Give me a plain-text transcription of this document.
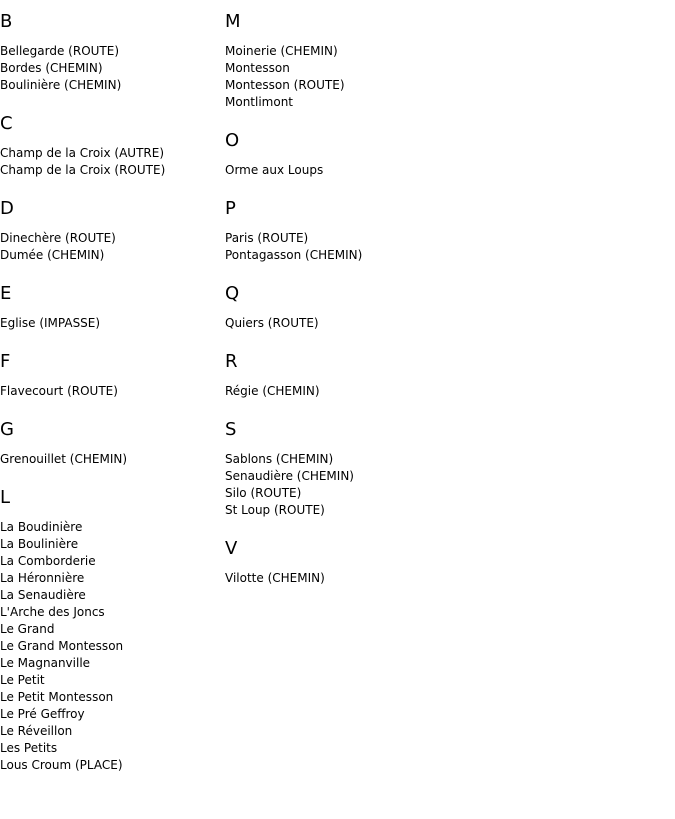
B
Bellegarde (ROUTE)
Bordes (CHEMIN)
Boulinière (CHEMIN)
C
Champ de la Croix (AUTRE)
Champ de la Croix (ROUTE)
D
Dinechère (ROUTE)
Dumée (CHEMIN)
E
Eglise (IMPASSE)
F
Flavecourt (ROUTE)
G
Grenouillet (CHEMIN)
L
La Boudinière
La Boulinière
La Comborderie
La Héronnière
La Senaudière
L'Arche des Joncs
Le Grand
Le Grand Montesson
Le Magnanville
Le Petit
Le Petit Montesson
Le Pré Geffroy
Le Réveillon
Les Petits
Lous Croum (PLACE)
M
Moinerie (CHEMIN)
Montesson
Montesson (ROUTE)
Montlimont
O
Orme aux Loups
P
Paris (ROUTE)
Pontagasson (CHEMIN)
Q
Quiers (ROUTE)
R
Régie (CHEMIN)
S
Sablons (CHEMIN)
Senaudière (CHEMIN)
Silo (ROUTE)
St Loup (ROUTE)
V
Vilotte (CHEMIN)
